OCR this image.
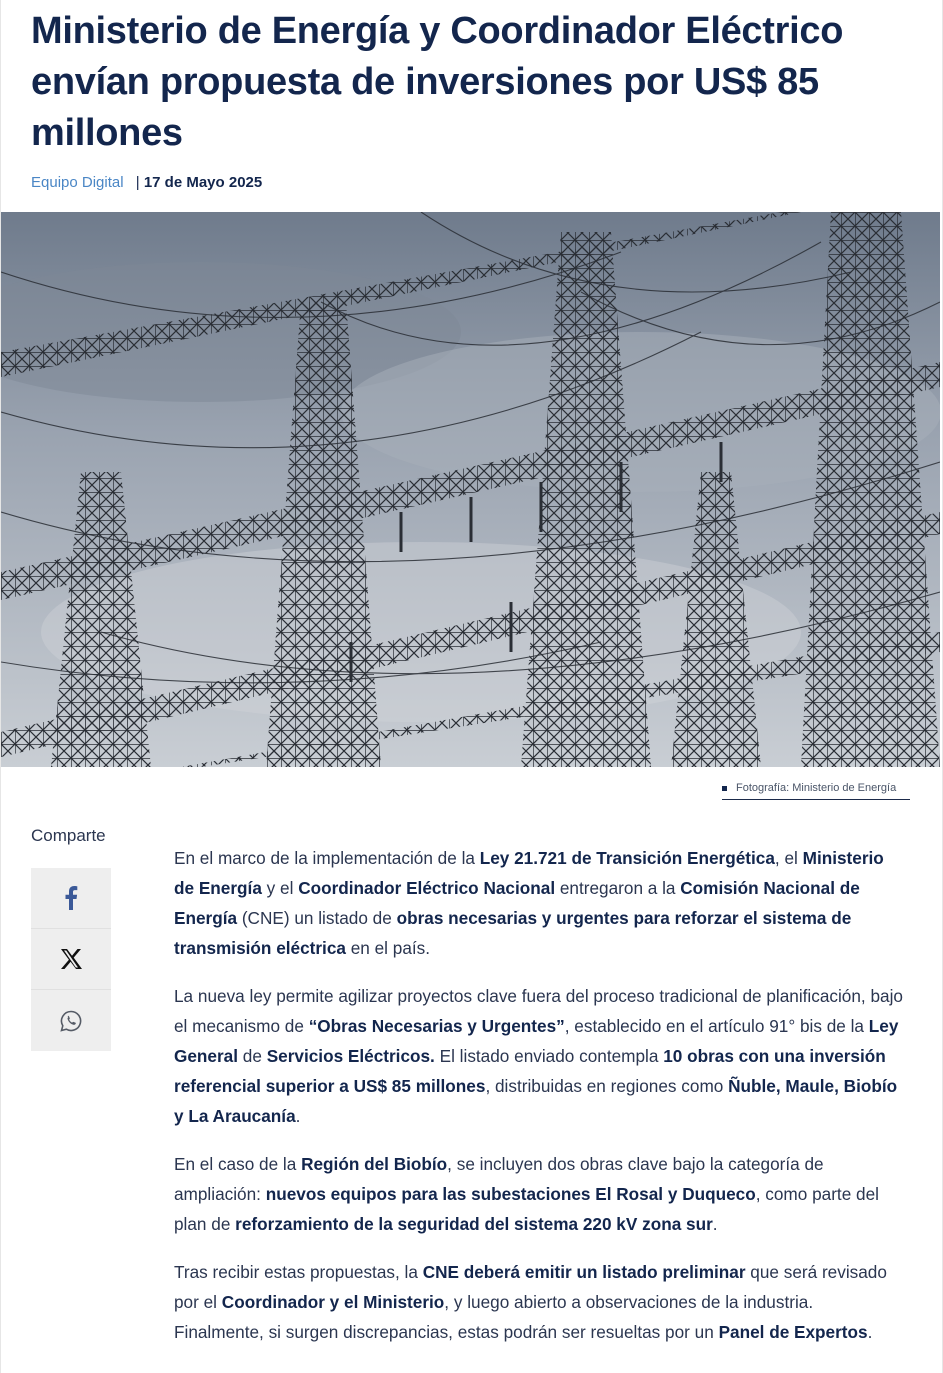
Ministerio de Energía y Coordinador Eléctrico envían propuesta de inversiones por US$ 85 millones
Equipo Digital | 17 de Mayo 2025
Fotografía: Ministerio de Energía
Comparte

En el marco de la implementación de la Ley 21.721 de Transición Energética, el Ministerio de Energía y el Coordinador Eléctrico Nacional entregaron a la Comisión Nacional de Energía (CNE) un listado de obras necesarias y urgentes para reforzar el sistema de transmisión eléctrica en el país.

La nueva ley permite agilizar proyectos clave fuera del proceso tradicional de planificación, bajo el mecanismo de “Obras Necesarias y Urgentes”, establecido en el artículo 91° bis de la Ley General de Servicios Eléctricos. El listado enviado contempla 10 obras con una inversión referencial superior a US$ 85 millones, distribuidas en regiones como Ñuble, Maule, Biobío y La Araucanía.

En el caso de la Región del Biobío, se incluyen dos obras clave bajo la categoría de ampliación: nuevos equipos para las subestaciones El Rosal y Duqueco, como parte del plan de reforzamiento de la seguridad del sistema 220 kV zona sur.

Tras recibir estas propuestas, la CNE deberá emitir un listado preliminar que será revisado por el Coordinador y el Ministerio, y luego abierto a observaciones de la industria. Finalmente, si surgen discrepancias, estas podrán ser resueltas por un Panel de Expertos.
